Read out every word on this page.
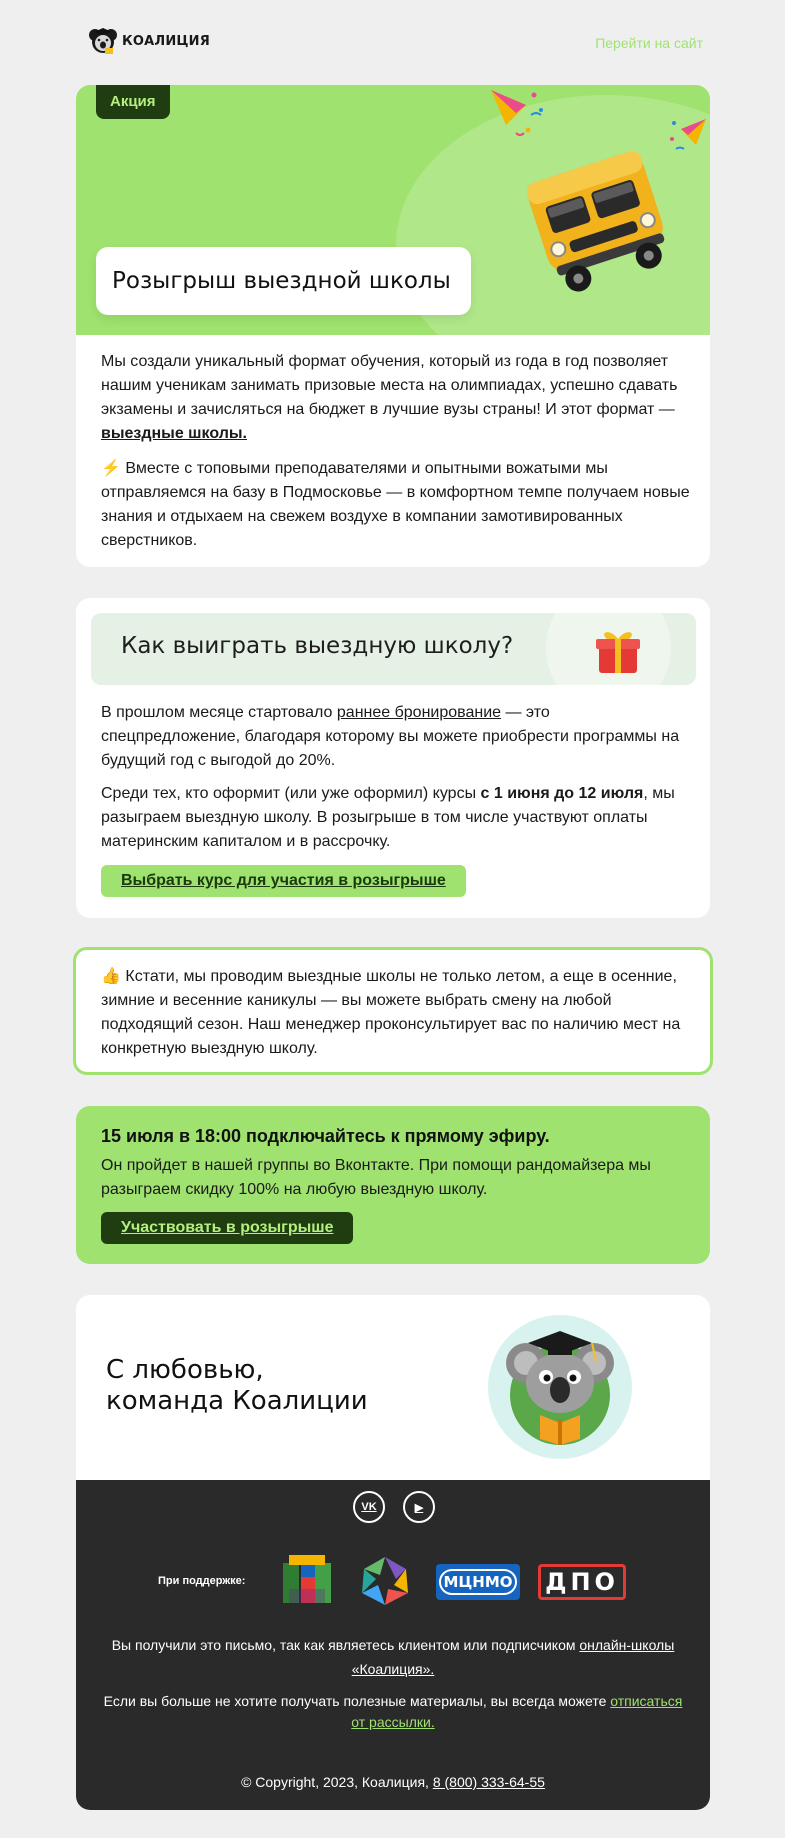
КОАЛИЦИЯ	Перейти на сайт
Акция
Розыгрыш выездной школы

Мы создали уникальный формат обучения, который из года в год позволяет нашим ученикам занимать призовые места на олимпиадах, успешно сдавать экзамены и зачисляться на бюджет в лучшие вузы страны! И этот формат — выездные школы.

⚡ Вместе с топовыми преподавателями и опытными вожатыми мы отправляемся на базу в Подмосковье — в комфортном темпе получаем новые знания и отдыхаем на свежем воздухе в компании замотивированных сверстников.

Как выиграть выездную школу?

В прошлом месяце стартовало раннее бронирование — это спецпредложение, благодаря которому вы можете приобрести программы на будущий год с выгодой до 20%.

Среди тех, кто оформит (или уже оформил) курсы с 1 июня до 12 июля, мы разыграем выездную школу. В розыгрыше в том числе участвуют оплаты материнским капиталом и в рассрочку.

Выбрать курс для участия в розыгрыше

👍 Кстати, мы проводим выездные школы не только летом, а еще в осенние, зимние и весенние каникулы — вы можете выбрать смену на любой подходящий сезон. Наш менеджер проконсультирует вас по наличию мест на конкретную выездную школу.

15 июля в 18:00 подключайтесь к прямому эфиру.

Он пройдет в нашей группы во Вконтакте. При помощи рандомайзера мы разыграем скидку 100% на любую выездную школу.

Участвовать в розыгрыше
С любовью,
команда Коалиции
VK	▶
При поддержке:	МЦНМО ДПО

Вы получили это письмо, так как являетесь клиентом или подписчиком онлайн-школы «Коалиция».

Если вы больше не хотите получать полезные материалы, вы всегда можете отписаться от рассылки.

© Copyright, 2023, Коалиция, 8 (800) 333-64-55
